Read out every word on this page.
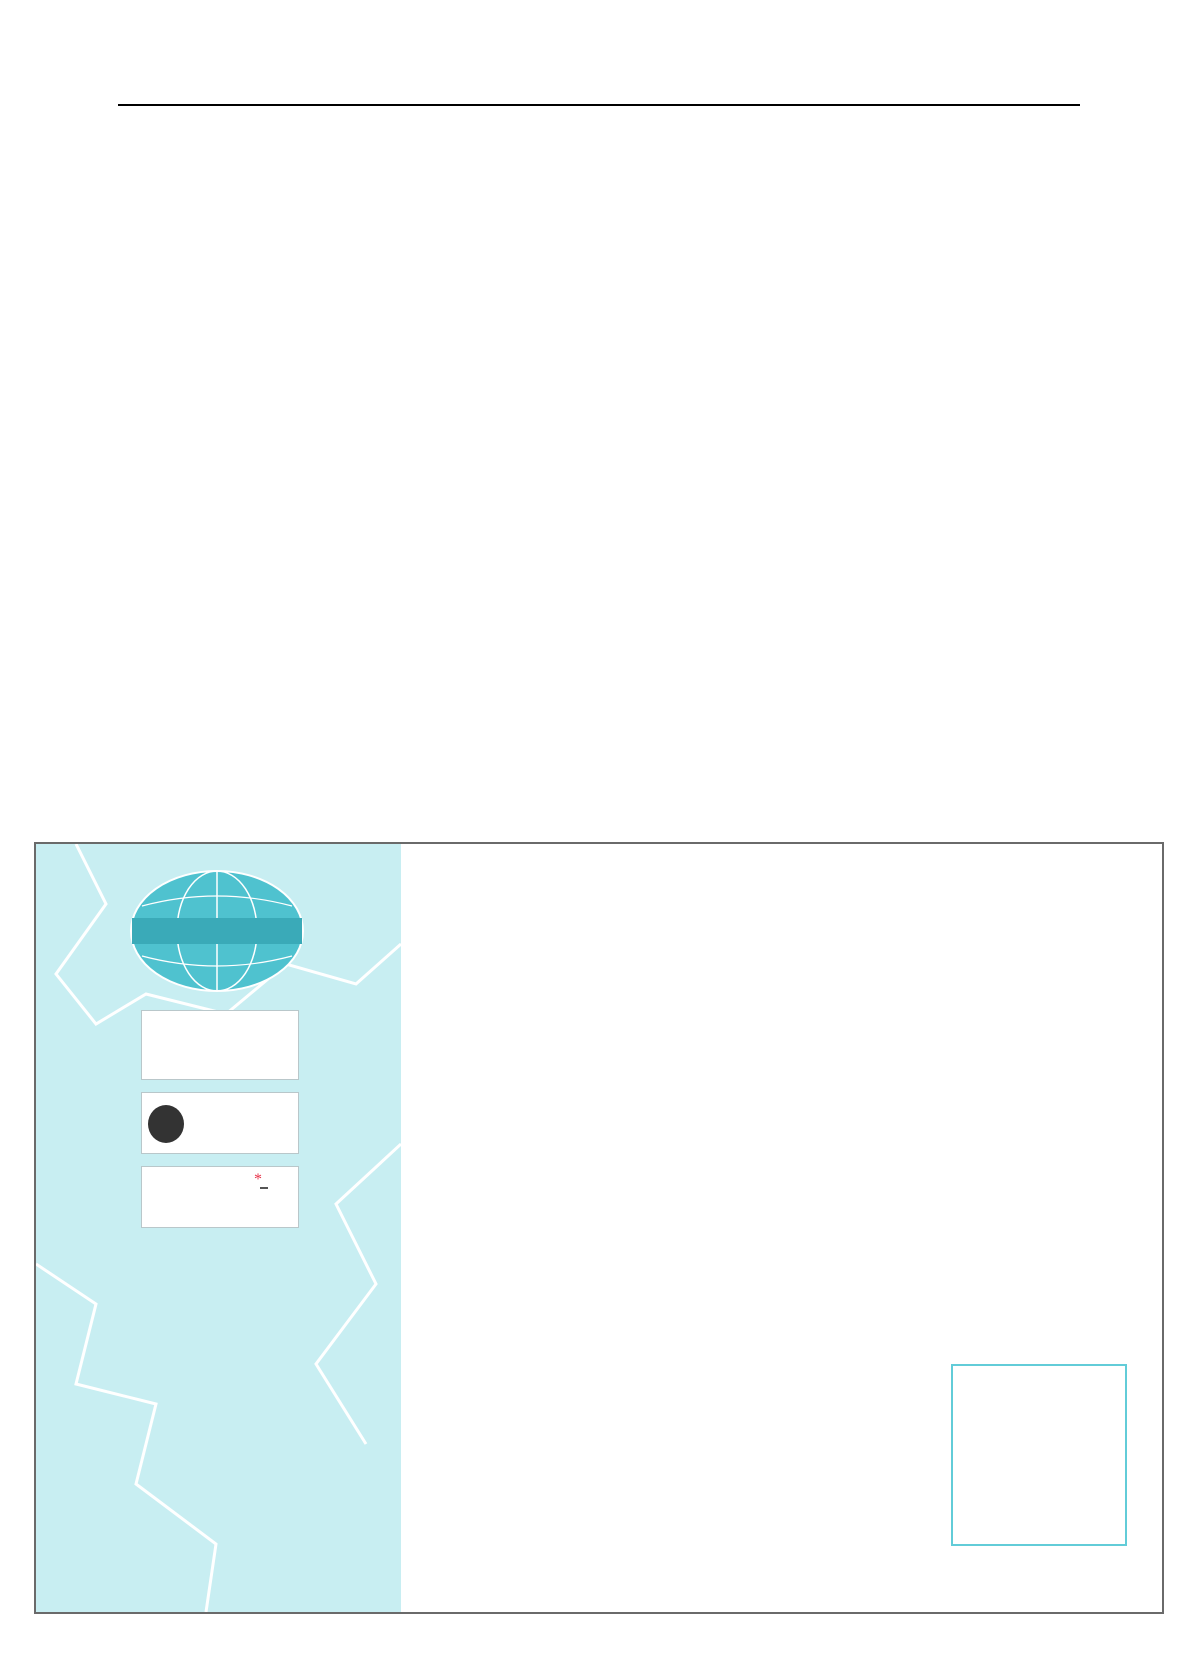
*
